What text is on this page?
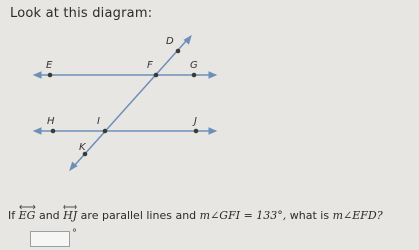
Look at this diagram:
D
E	F	G
H	I	J
K
If EG and HJ are parallel lines and m∠GFI = 133°, what is m∠EFD?
°
